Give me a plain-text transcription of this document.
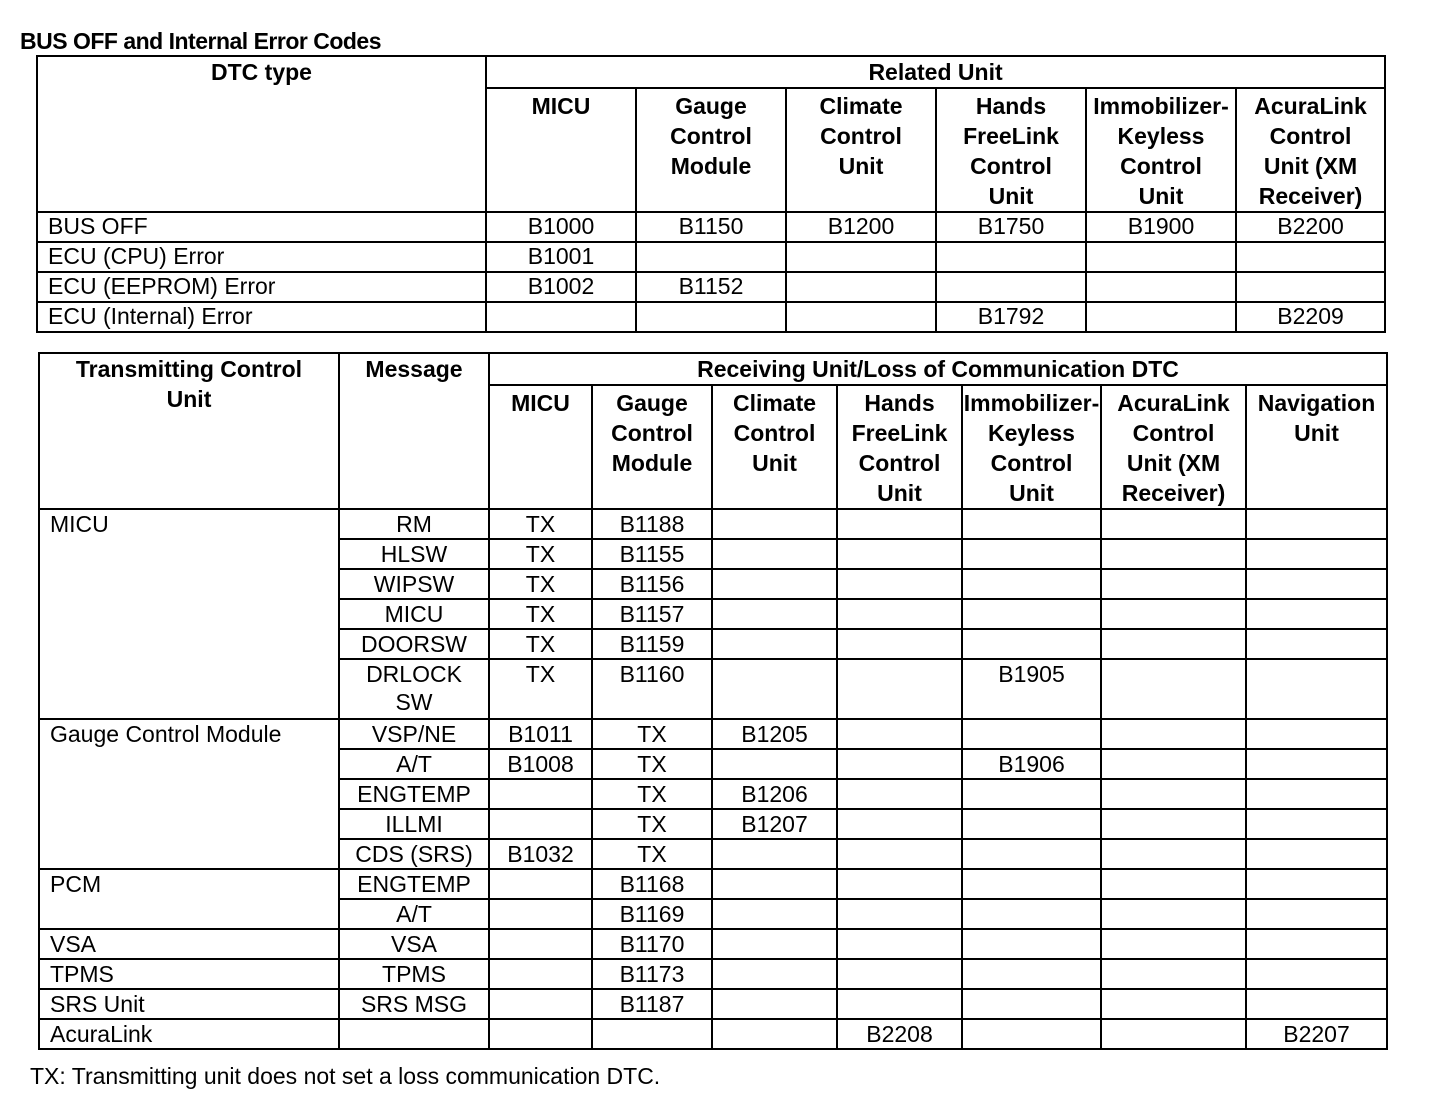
BUS OFF and Internal Error Codes
DTC type	Related Unit					

	MICU	Gauge
Control
Module	Climate
Control
Unit	Hands
FreeLink
Control
Unit	Immobilizer-
Keyless
Control
Unit	AcuraLink
Control
Unit (XM
Receiver)

BUS OFF	B1000	B1150	B1200	B1750	B1900	B2200
ECU (CPU) Error	B1001					
ECU (EEPROM) Error	B1002	B1152				
ECU (Internal) Error				B1792		B2209
Transmitting Control
Unit	Message	Receiving Unit/Loss of Communication DTC						

		MICU	Gauge
Control
Module	Climate
Control
Unit	Hands
FreeLink
Control
Unit	Immobilizer-
Keyless
Control
Unit	AcuraLink
Control
Unit (XM
Receiver)	Navigation
Unit

MICU	RM	TX	B1188					

	HLSW	TX	B1155					

	WIPSW	TX	B1156					

	MICU	TX	B1157					

	DOORSW	TX	B1159					

	DRLOCK
SW	TX	B1160			B1905		
Gauge Control Module	VSP/NE	B1011	TX	B1205				

	A/T	B1008	TX			B1906		

	ENGTEMP		TX	B1206				

	ILLMI		TX	B1207				

	CDS (SRS)	B1032	TX					
PCM	ENGTEMP		B1168					

	A/T		B1169					
VSA	VSA		B1170					
TPMS	TPMS		B1173					
SRS Unit	SRS MSG		B1187					
AcuraLink					B2208			B2207
TX: Transmitting unit does not set a loss communication DTC.
